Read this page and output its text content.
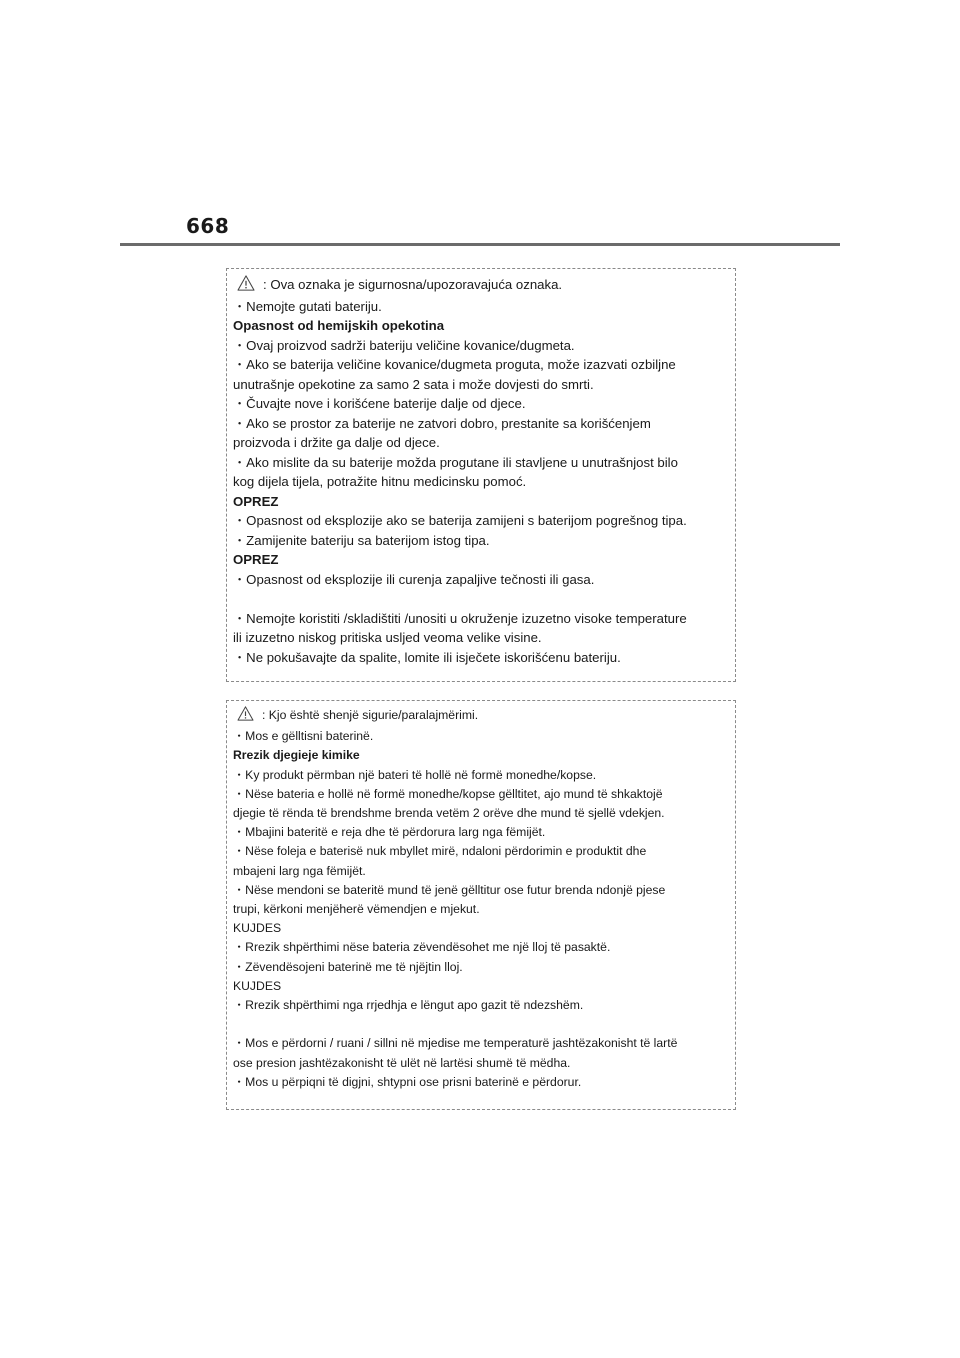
668
: Ova oznaka je sigurnosna/upozoravajuća oznaka.
・Nemojte gutati bateriju.
Opasnost od hemijskih opekotina
・Ovaj proizvod sadrži bateriju veličine kovanice/dugmeta.
・Ako se baterija veličine kovanice/dugmeta proguta, može izazvati ozbiljne
unutrašnje opekotine za samo 2 sata i može dovjesti do smrti.
・Čuvajte nove i korišćene baterije dalje od djece.
・Ako se prostor za baterije ne zatvori dobro, prestanite sa korišćenjem
proizvoda i držite ga dalje od djece.
・Ako mislite da su baterije možda progutane ili stavljene u unutrašnjost bilo
kog dijela tijela, potražite hitnu medicinsku pomoć.
OPREZ
・Opasnost od eksplozije ako se baterija zamijeni s baterijom pogrešnog tipa.
・Zamijenite bateriju sa baterijom istog tipa.
OPREZ
・Opasnost od eksplozije ili curenja zapaljive tečnosti ili gasa.
・Nemojte koristiti /skladištiti /unositi u okruženje izuzetno visoke temperature
ili izuzetno niskog pritiska usljed veoma velike visine.
・Ne pokušavajte da spalite, lomite ili isječete iskorišćenu bateriju.
: Kjo është shenjë sigurie/paralajmërimi.
・Mos e gëlltisni baterinë.
Rrezik djegieje kimike
・Ky produkt përmban një bateri të hollë në formë monedhe/kopse.
・Nëse bateria e hollë në formë monedhe/kopse gëlltitet, ajo mund të shkaktojë
djegie të rënda të brendshme brenda vetëm 2 orëve dhe mund të sjellë vdekjen.
・Mbajini bateritë e reja dhe të përdorura larg nga fëmijët.
・Nëse foleja e baterisë nuk mbyllet mirë, ndaloni përdorimin e produktit dhe
mbajeni larg nga fëmijët.
・Nëse mendoni se bateritë mund të jenë gëlltitur ose futur brenda ndonjë pjese
trupi, kërkoni menjëherë vëmendjen e mjekut.
KUJDES
・Rrezik shpërthimi nëse bateria zëvendësohet me një lloj të pasaktë.
・Zëvendësojeni baterinë me të njëjtin lloj.
KUJDES
・Rrezik shpërthimi nga rrjedhja e lëngut apo gazit të ndezshëm.
・Mos e përdorni / ruani / sillni në mjedise me temperaturë jashtëzakonisht të lartë
ose presion jashtëzakonisht të ulët në lartësi shumë të mëdha.
・Mos u përpiqni të digjni, shtypni ose prisni baterinë e përdorur.
